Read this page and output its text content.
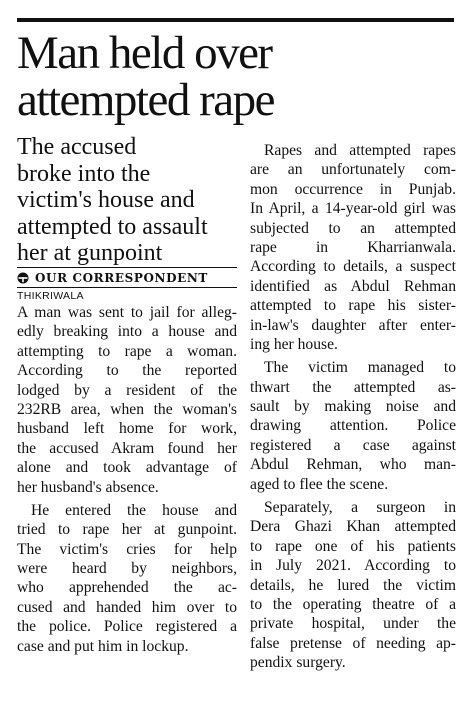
Man held over
attempted rape
The accused
broke into the
victim's house and
attempted to assault
her at gunpoint
OUR CORRESPONDENT
THIKRIWALA
A man was sent to jail for alleg-
edly breaking into a house and
attempting to rape a woman.
According to the reported
lodged by a resident of the
232RB area, when the woman's
husband left home for work,
the accused Akram found her
alone and took advantage of
her husband's absence.
He entered the house and
tried to rape her at gunpoint.
The victim's cries for help
were heard by neighbors,
who apprehended the ac-
cused and handed him over to
the police. Police registered a
case and put him in lockup.
Rapes and attempted rapes
are an unfortunately com-
mon occurrence in Punjab.
In April, a 14-year-old girl was
subjected to an attempted
rape in Kharrianwala.
According to details, a suspect
identified as Abdul Rehman
attempted to rape his sister-
in-law's daughter after enter-
ing her house.
The victim managed to
thwart the attempted as-
sault by making noise and
drawing attention. Police
registered a case against
Abdul Rehman, who man-
aged to flee the scene.
Separately, a surgeon in
Dera Ghazi Khan attempted
to rape one of his patients
in July 2021. According to
details, he lured the victim
to the operating theatre of a
private hospital, under the
false pretense of needing ap-
pendix surgery.
